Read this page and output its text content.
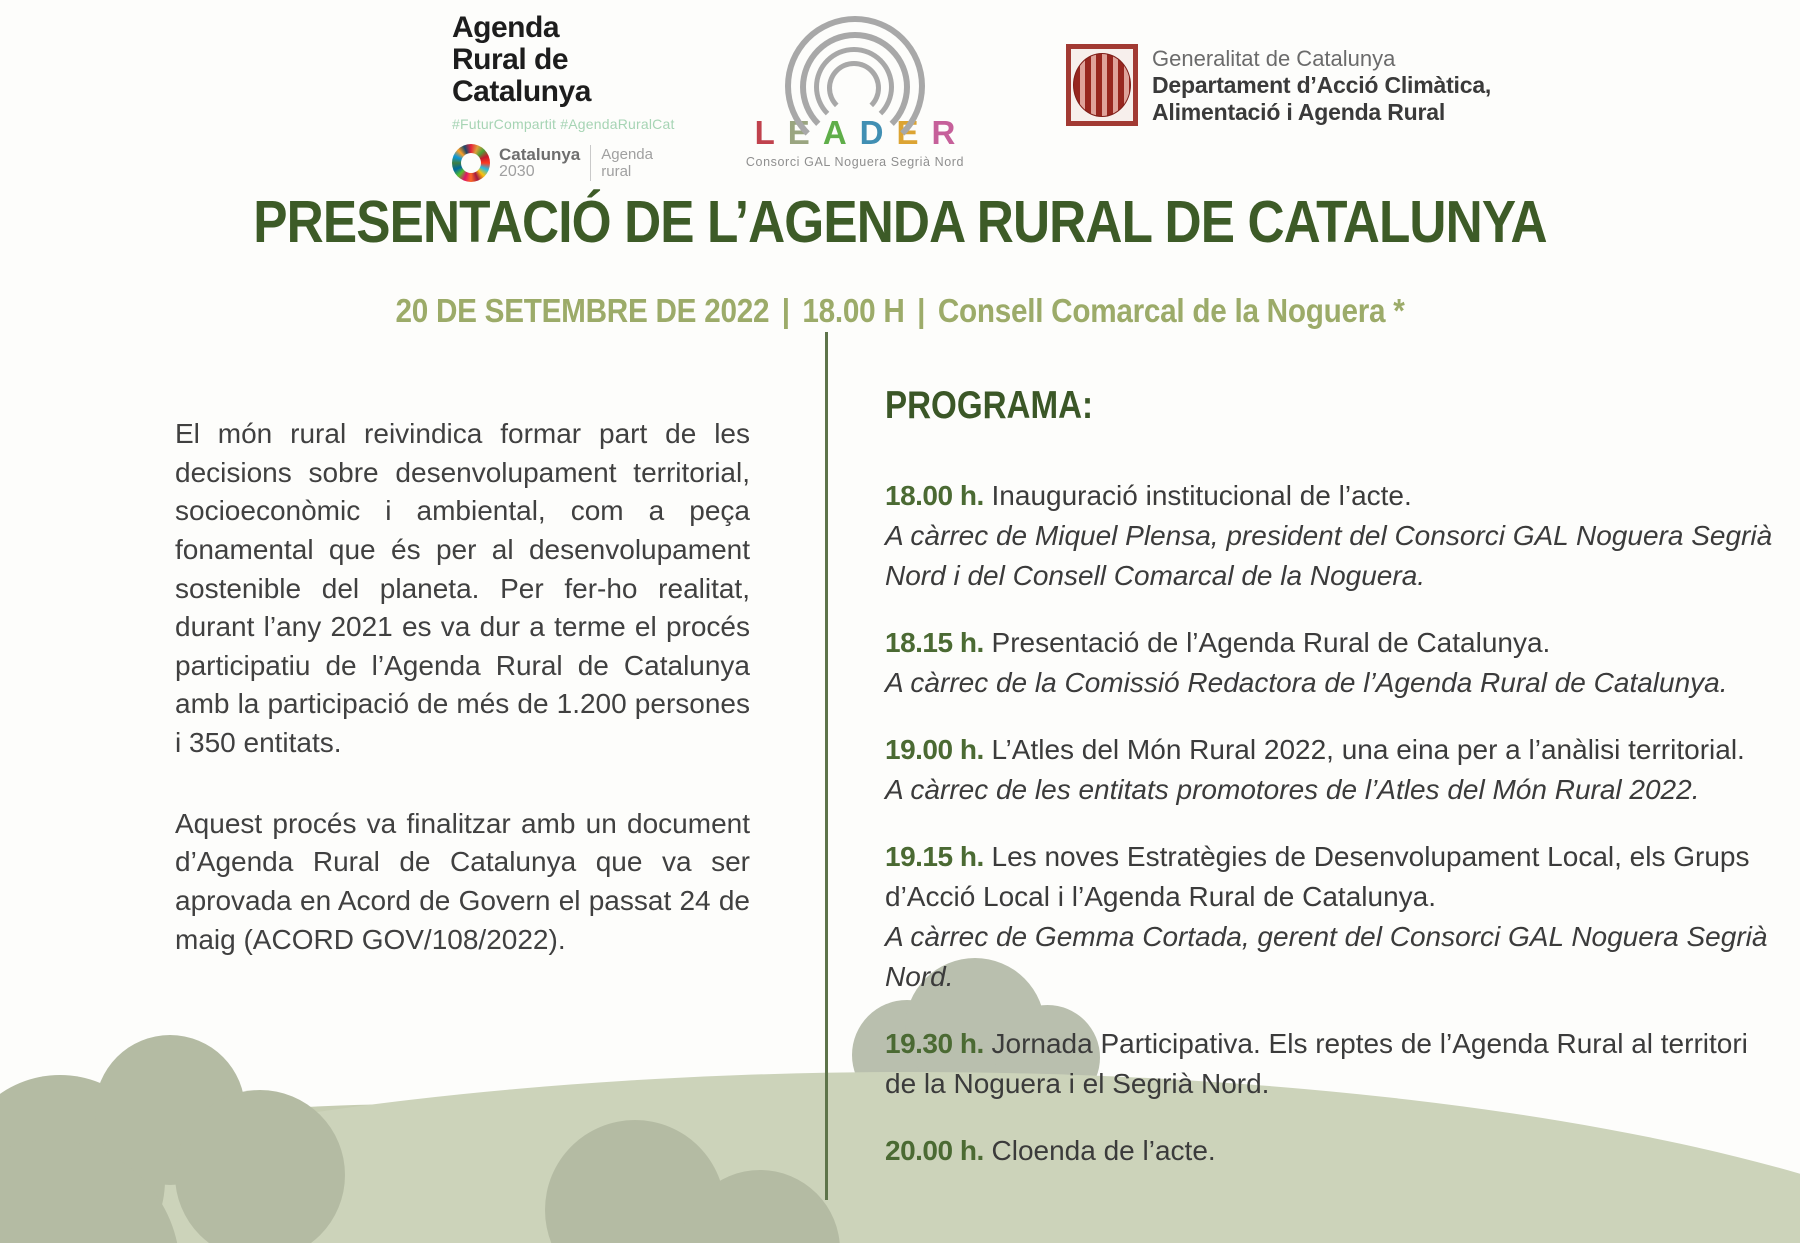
Agenda
Rural de
Catalunya
#FuturCompartit #AgendaRuralCat
Catalunya
2030
Agenda
rural
LEADER
Consorci GAL Noguera Segrià Nord
Generalitat de Catalunya
Departament d’Acció Climàtica,
Alimentació i Agenda Rural
PRESENTACIÓ DE L’AGENDA RURAL DE CATALUNYA
20 DE SETEMBRE DE 2022 | 18.00 H | Consell Comarcal de la Noguera *

El món rural reivindica formar part de les decisions sobre desenvolupament territorial, socioeconòmic i ambiental, com a peça fonamental que és per al desenvolupament sostenible del planeta. Per fer-ho realitat, durant l’any 2021 es va dur a terme el procés participatiu de l’Agenda Rural de Catalunya amb la participació de més de 1.200 persones i 350 entitats.

Aquest procés va finalitzar amb un document d’Agenda Rural de Catalunya que va ser aprovada en Acord de Govern el passat 24 de maig (ACORD GOV/108/2022).

PROGRAMA:

18.00 h. Inauguració institucional de l’acte.

A càrrec de Miquel Plensa, president del Consorci GAL Noguera Segrià Nord i del Consell Comarcal de la Noguera.

18.15 h. Presentació de l’Agenda Rural de Catalunya.

A càrrec de la Comissió Redactora de l’Agenda Rural de Catalunya.

19.00 h. L’Atles del Món Rural 2022, una eina per a l’anàlisi territorial.

A càrrec de les entitats promotores de l’Atles del Món Rural 2022.

19.15 h. Les noves Estratègies de Desenvolupament Local, els Grups d’Acció Local i l’Agenda Rural de Catalunya.

A càrrec de Gemma Cortada, gerent del Consorci GAL Noguera Segrià Nord.

19.30 h. Jornada Participativa. Els reptes de l’Agenda Rural al territori de la Noguera i el Segrià Nord.

20.00 h. Cloenda de l’acte.
